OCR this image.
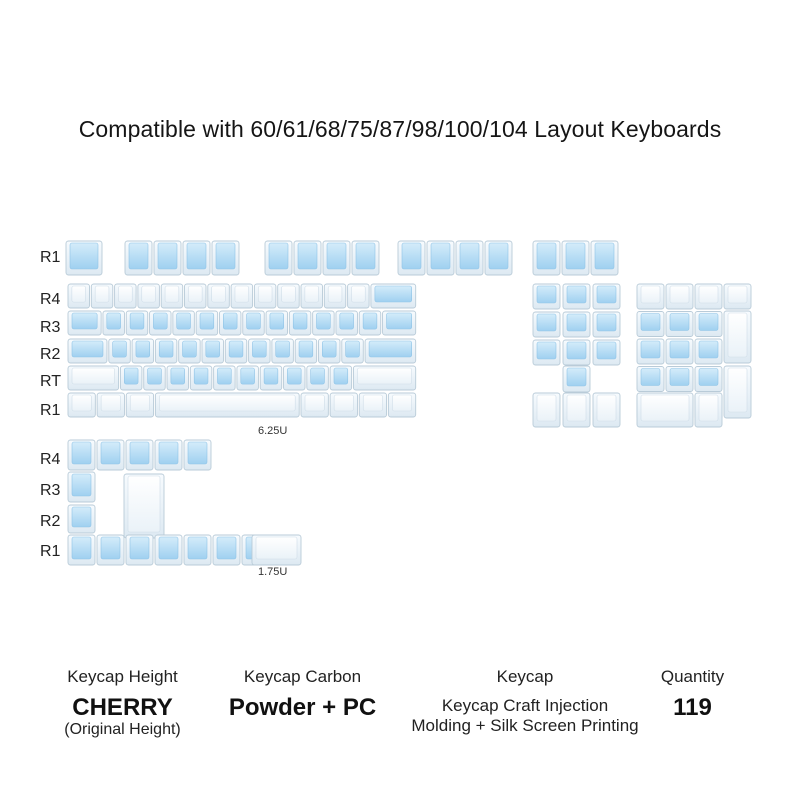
Compatible with 60/61/68/75/87/98/100/104 Layout Keyboards
R1
R4
R3
R2
RT
R1
R4
R3
R2
R1
6.25U
1.75U
Keycap Height
CHERRY
(Original Height)
Keycap Carbon
Powder + PC
Keycap
Keycap Craft Injection
Molding + Silk Screen Printing
Quantity
119
